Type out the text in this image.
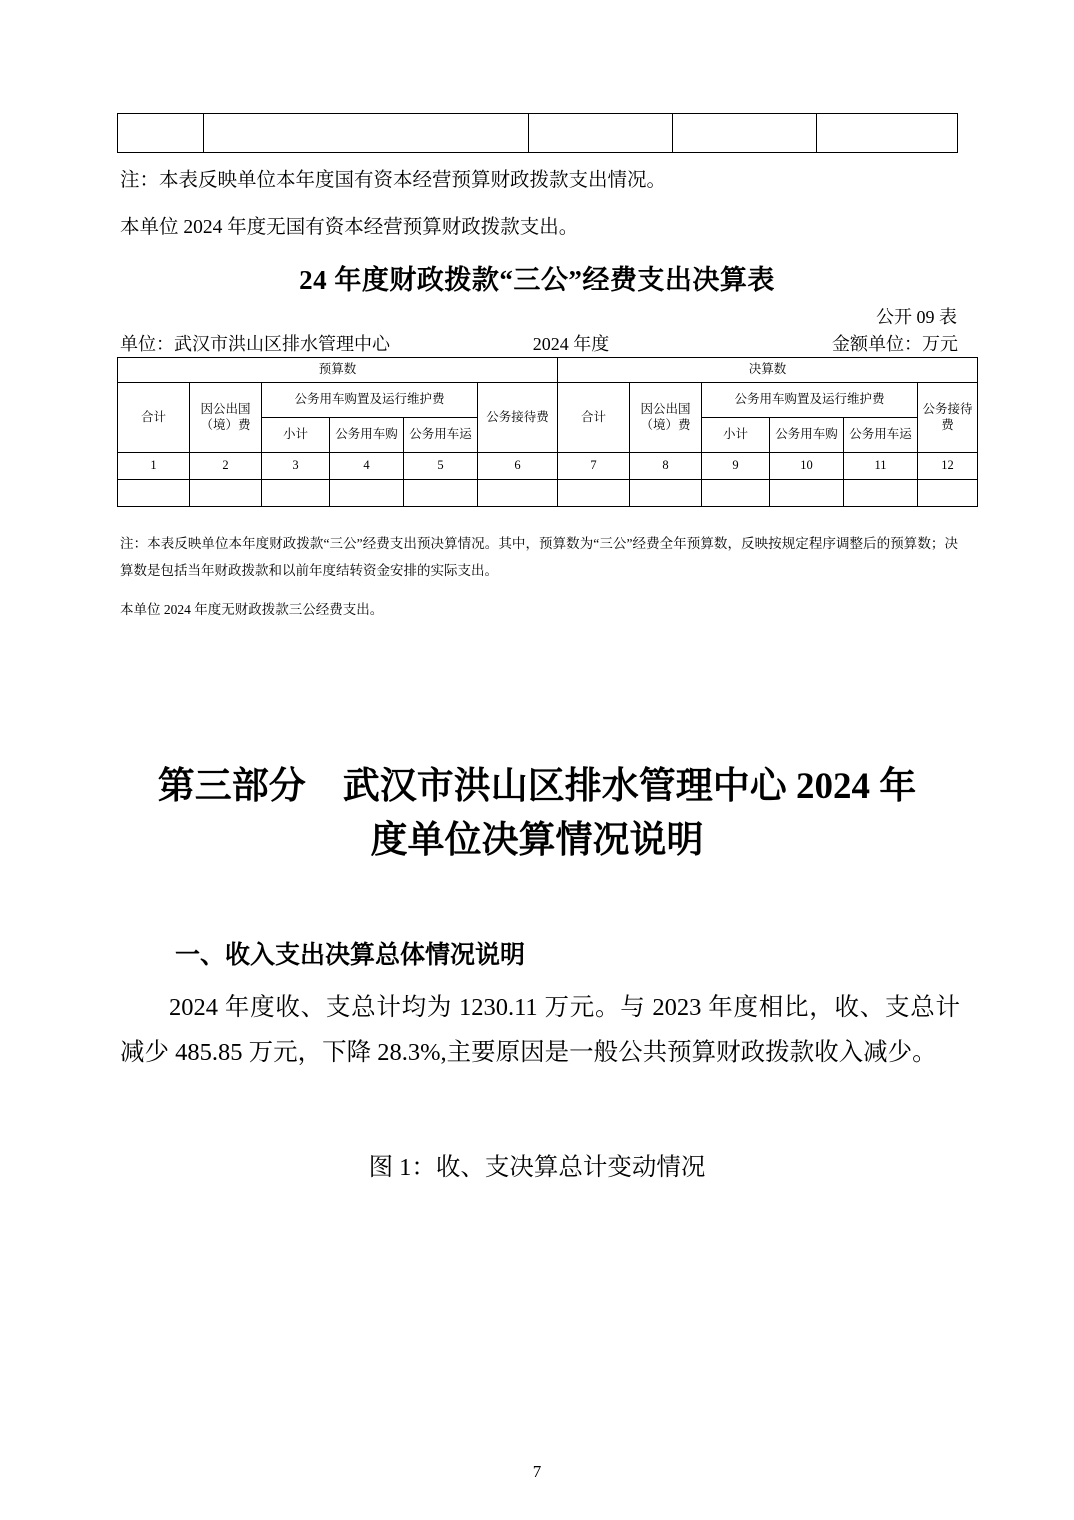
注：本表反映单位本年度国有资本经营预算财政拨款支出情况。
本单位 2024 年度无国有资本经营预算财政拨款支出。
24 年度财政拨款“三公”经费支出决算表
公开 09 表
单位：武汉市洪山区排水管理中心	2024 年度	金额单位：万元
预算数						决算数					
合计	因公出国（境）费	公务用车购置及运行维护费			公务接待费	合计	因公出国（境）费	公务用车购置及运行维护费			公务接待费
		小计	公务用车购	公务用车运				小计	公务用车购	公务用车运	
1	2	3	4	5	6	7	8	9	10	11	12

注：本表反映单位本年度财政拨款“三公”经费支出预决算情况。其中，预算数为“三公”经费全年预算数，反映按规定程序调整后的预算数；决算数是包括当年财政拨款和以前年度结转资金安排的实际支出。
本单位 2024 年度无财政拨款三公经费支出。
第三部分　武汉市洪山区排水管理中心 2024 年
度单位决算情况说明
一、收入支出决算总体情况说明
2024 年度收、支总计均为 1230.11 万元。与 2023 年度相比，收、支总计减少 485.85 万元，下降 28.3%,主要原因是一般公共预算财政拨款收入减少。
图 1：收、支决算总计变动情况
7
